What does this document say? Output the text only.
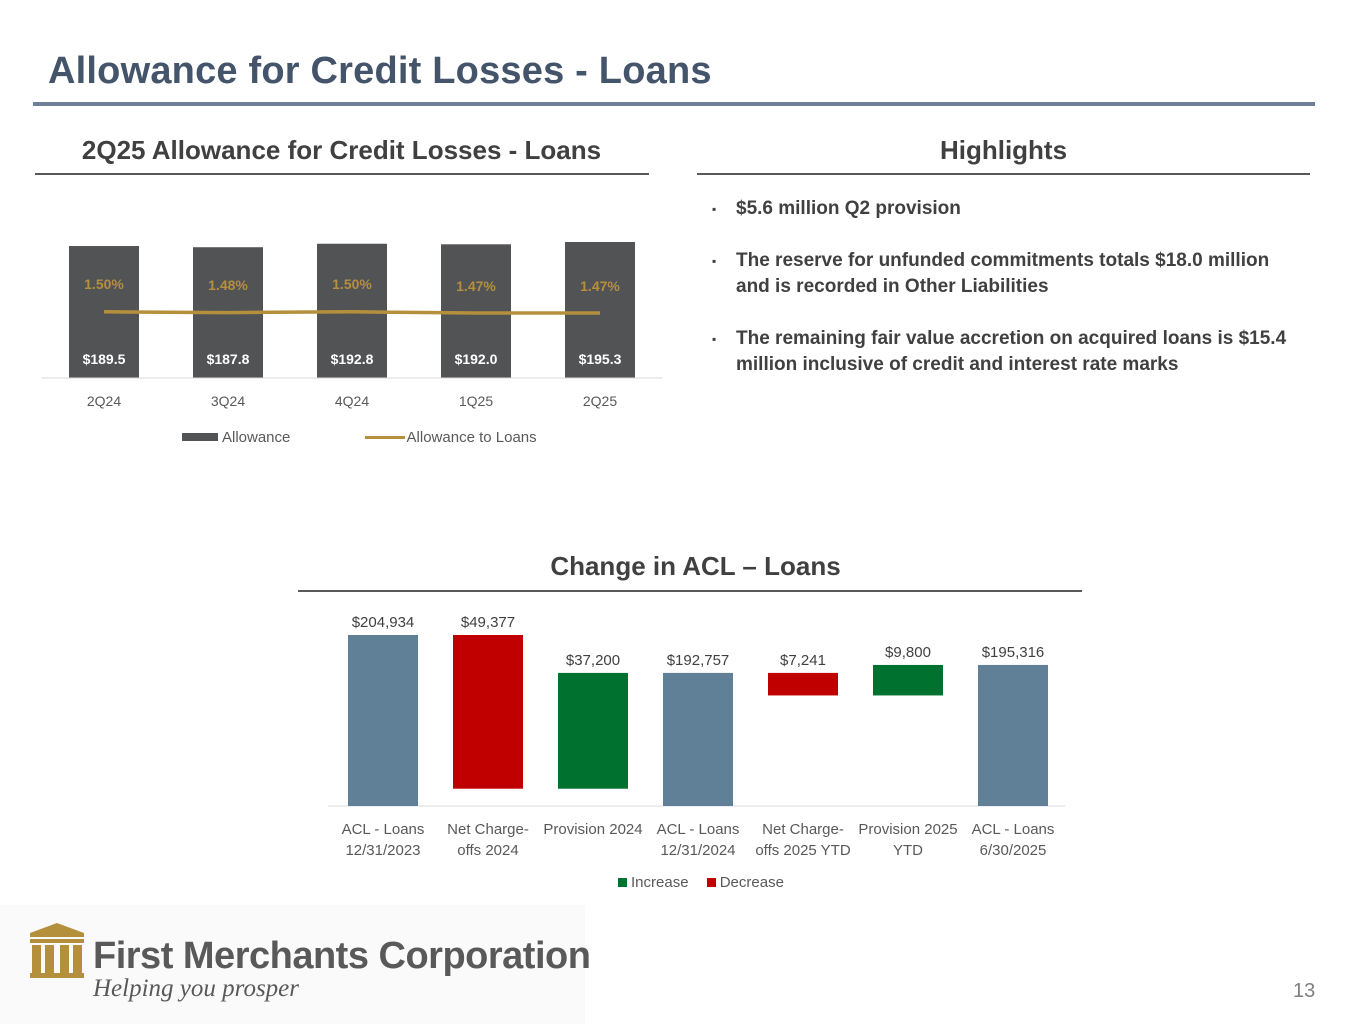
Allowance for Credit Losses - Loans
2Q25 Allowance for Credit Losses - Loans
$189.5
2Q24
$187.8
3Q24
$192.8
4Q24
$192.0
1Q25
$195.3
2Q25
1.50%	1.48%	1.50%	1.47%	1.47%
Allowance	Allowance to Loans
Highlights
▪ $5.6 million Q2 provision
▪ The reserve for unfunded commitments totals $18.0 million and is recorded in Other Liabilities
▪ The remaining fair value accretion on acquired loans is $15.4 million inclusive of credit and interest rate marks
Change in ACL – Loans
$204,934
ACL - Loans 12/31/2023
$49,377
Net Charge-offs 2024
$37,200
Provision 2024
$192,757
ACL - Loans 12/31/2024
$7,241
Net Charge-offs 2025 YTD
$9,800
Provision 2025 YTD
$195,316
ACL - Loans 6/30/2025
Increase Decrease
First Merchants Corporation
Helping you prosper	13
